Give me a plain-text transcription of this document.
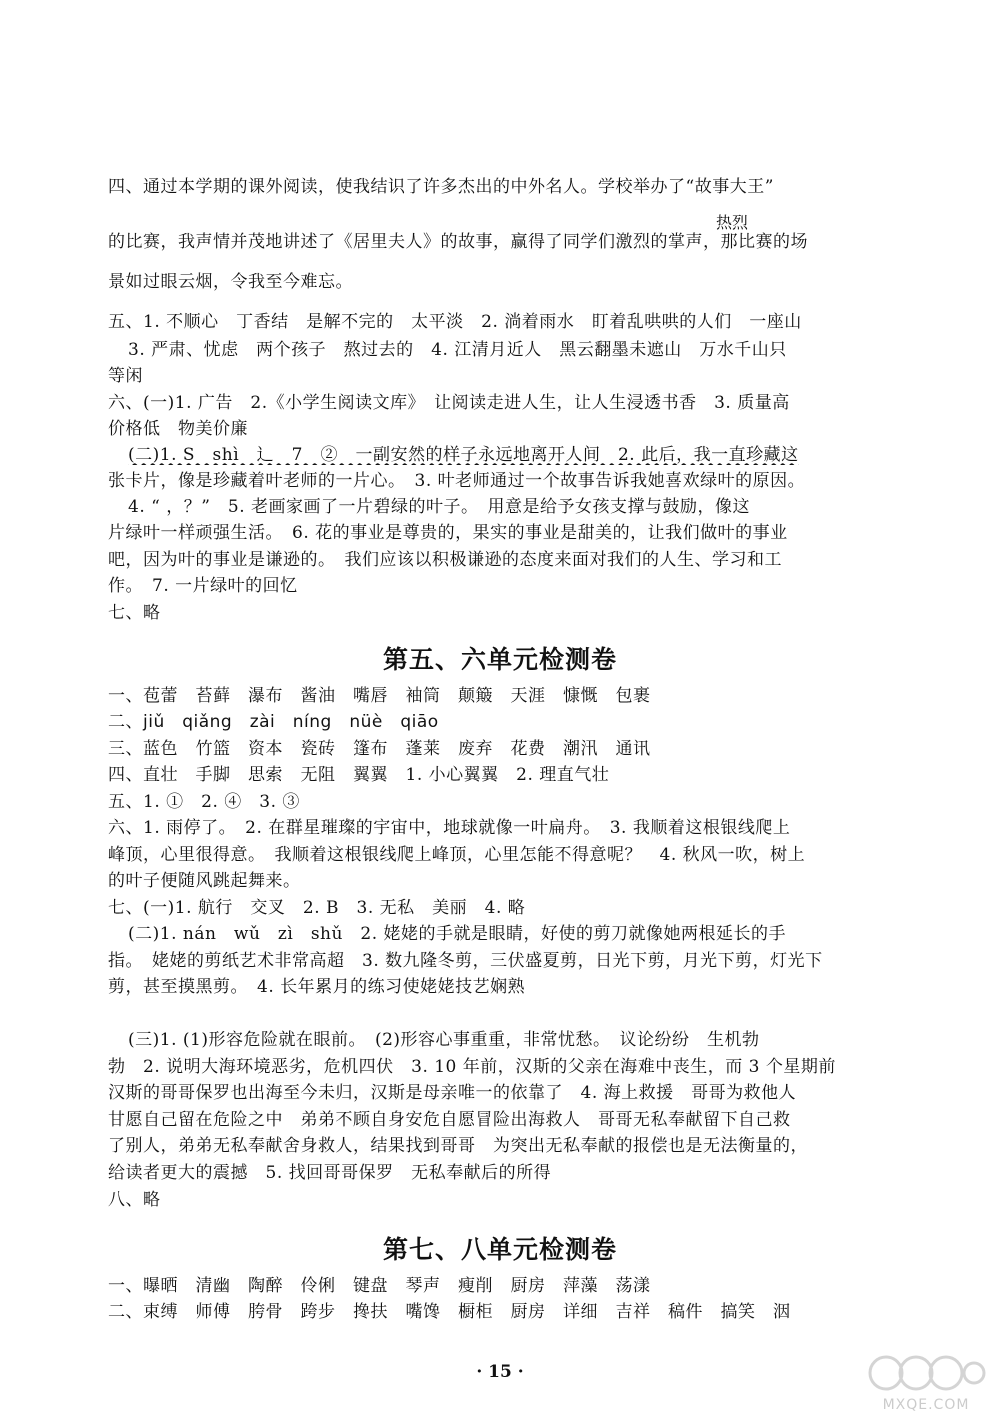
四、通过本学期的课外阅读，使我结识了许多杰出的中外名人。学校举办了“故事大王”
热烈
的比赛，我声情并茂地讲述了《居里夫人》的故事，赢得了同学们激烈的掌声，那比赛的场
景如过眼云烟，令我至今难忘。
五、1. 不顺心　丁香结　是解不完的　太平淡　2. 淌着雨水　盯着乱哄哄的人们　一座山
3. 严肃、忧虑　两个孩子　熬过去的　4. 江清月近人　黑云翻墨未遮山　万水千山只
等闲
六、(一)1. 广告　2.《小学生阅读文库》　让阅读走进人生，让人生浸透书香　3. 质量高
价格低　物美价廉
(二)1. S　shì　辶　7　②　一副安然的样子永远地离开人间　2. 此后，我一直珍藏这
张卡片，像是珍藏着叶老师的一片心。　3. 叶老师通过一个故事告诉我她喜欢绿叶的原因。
4. “ ，？”　5. 老画家画了一片碧绿的叶子。　用意是给予女孩支撑与鼓励，像这
片绿叶一样顽强生活。　6. 花的事业是尊贵的，果实的事业是甜美的，让我们做叶的事业
吧，因为叶的事业是谦逊的。　我们应该以积极谦逊的态度来面对我们的人生、学习和工
作。　7. 一片绿叶的回忆
七、略
第五、六单元检测卷
一、苞蕾　苔藓　瀑布　酱油　嘴唇　袖筒　颠簸　天涯　慷慨　包裹
二、jiǔ　qiǎng　zài　níng　nüè　qiāo
三、蓝色　竹篮　资本　瓷砖　篷布　蓬莱　废弃　花费　潮汛　通讯
四、直壮　手脚　思索　无阻　翼翼　1. 小心翼翼　2. 理直气壮
五、1. ①　2. ④　3. ③
六、1. 雨停了。　2. 在群星璀璨的宇宙中，地球就像一叶扁舟。　3. 我顺着这根银线爬上
峰顶，心里很得意。　我顺着这根银线爬上峰顶，心里怎能不得意呢？　4. 秋风一吹，树上
的叶子便随风跳起舞来。
七、(一)1. 航行　交叉　2. B　3. 无私　美丽　4. 略
(二)1. nán　wǔ　zì　shǔ　2. 姥姥的手就是眼睛，好使的剪刀就像她两根延长的手
指。　姥姥的剪纸艺术非常高超　3. 数九隆冬剪，三伏盛夏剪，日光下剪，月光下剪，灯光下
剪，甚至摸黑剪。　4. 长年累月的练习使姥姥技艺娴熟
(三)1. (1)形容危险就在眼前。　(2)形容心事重重，非常忧愁。　议论纷纷　生机勃
勃　2. 说明大海环境恶劣，危机四伏　3. 10 年前，汉斯的父亲在海难中丧生，而 3 个星期前
汉斯的哥哥保罗也出海至今未归，汉斯是母亲唯一的依靠了　4. 海上救援　哥哥为救他人
甘愿自己留在危险之中　弟弟不顾自身安危自愿冒险出海救人　哥哥无私奉献留下自己救
了别人，弟弟无私奉献舍身救人，结果找到哥哥　为突出无私奉献的报偿也是无法衡量的，
给读者更大的震撼　5. 找回哥哥保罗　无私奉献后的所得
八、略
第七、八单元检测卷
一、曝晒　清幽　陶醉　伶俐　键盘　琴声　瘦削　厨房　萍藻　荡漾
二、束缚　师傅　胯骨　跨步　搀扶　嘴馋　橱柜　厨房　详细　吉祥　稿件　搞笑　洇
· 15 ·
MXQE.COM
